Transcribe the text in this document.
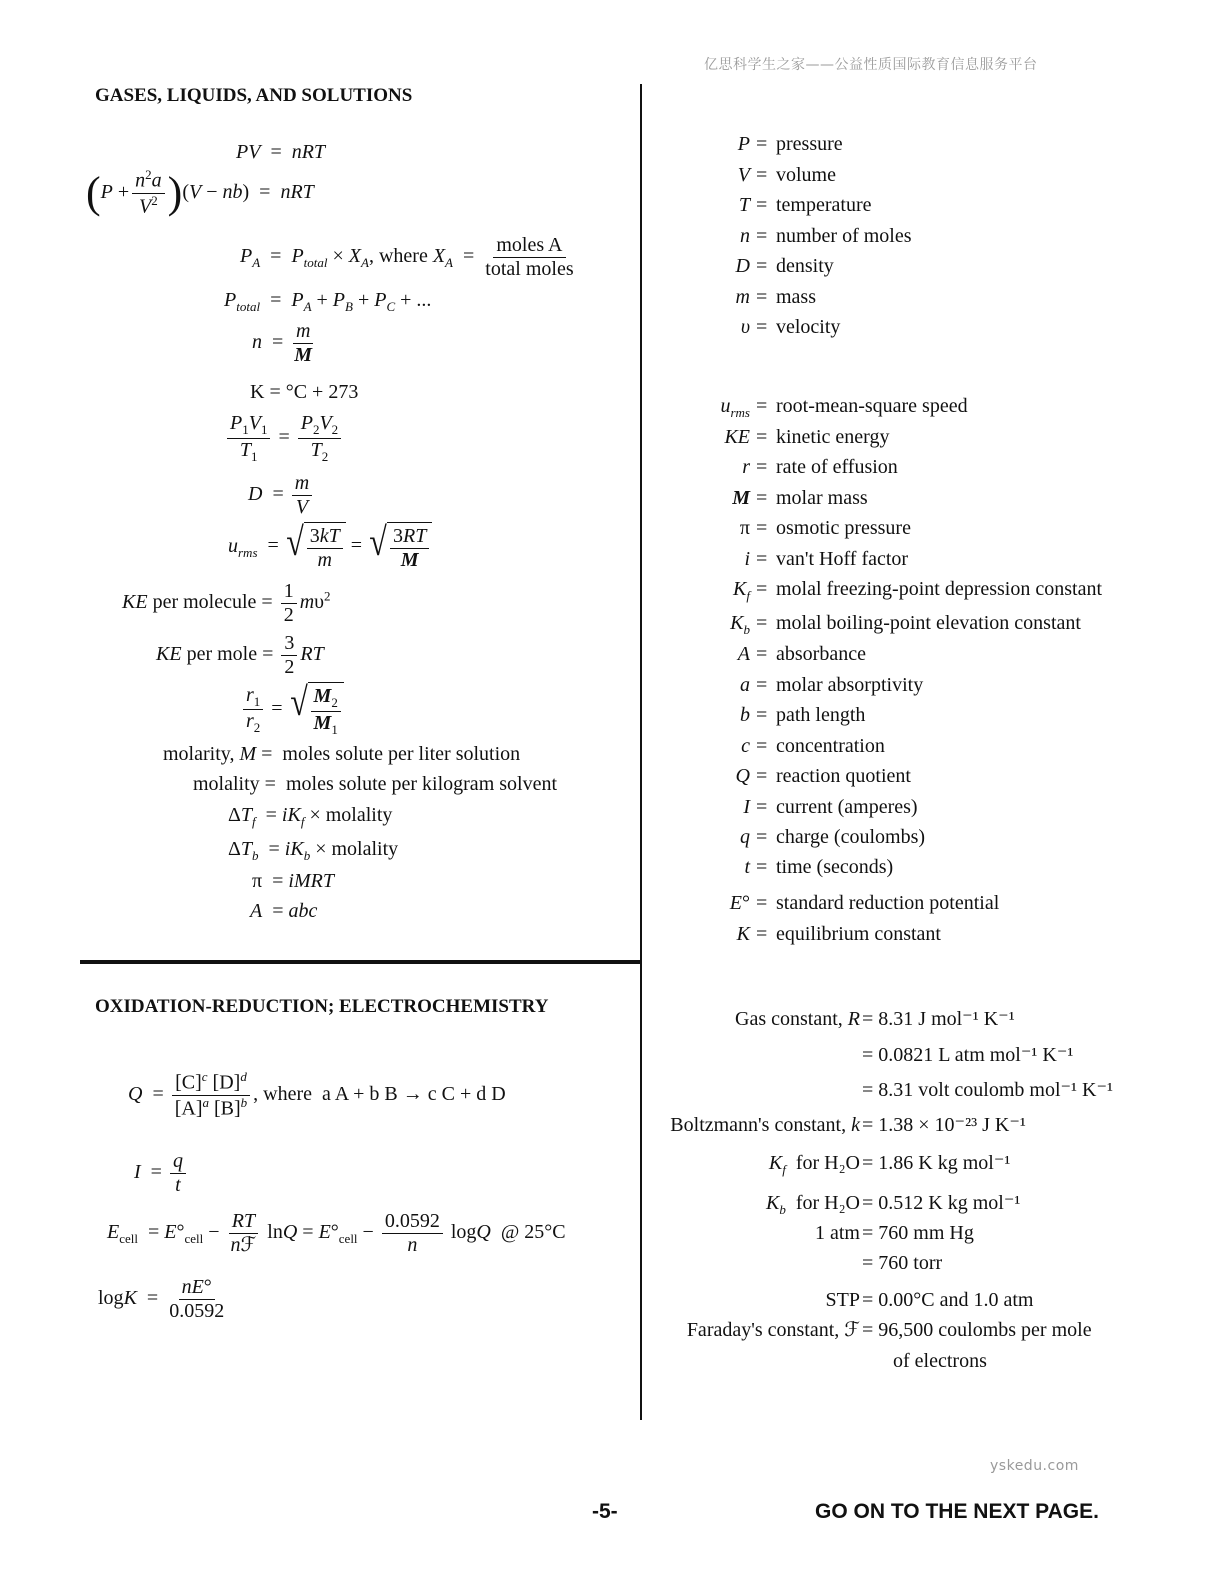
亿思科学生之家——公益性质国际教育信息服务平台
GASES, LIQUIDS, AND SOLUTIONS
OXIDATION-REDUCTION; ELECTROCHEMISTRY
PV  =  nRT
$(P + \frac{n^2a}{V^2} )(V - nb)$  =  nRT
$P_A = P_{total} \times X_A$, where $X_A = \frac{\text{moles A}}{\text{total moles}}$
$P_{total} = P_A + P_B + P_C$ + ...
$n = \frac{m}{M}$
K = °C + 273
$\frac{P_1V_1}{T_1} = \frac{P_2V_2}{T_2}$
$D = \frac{m}{V}$
$u_{rms}$  = √ $\frac{3kT}{m}$ = √ $\frac{3RT}{M}$
KE per molecule = $\frac{1}{2} m\upsilon^2$
KE per mole = $\frac{3}{2}$ RT
$\frac{r_1}{r_2}$ = √ $\frac{M_2}{M_1}$
molarity, M =  moles solute per liter solution
molality =  moles solute per kilogram solvent
$\Delta T_f = iK_f$ × molality
$\Delta T_b = iK_b$ × molality
π  = iMRT
A  = abc
$Q = \frac{[C]^c [D]^d}{[A]^a [B]^b}$ , where a A + b B → c C + d D
$I = \frac{q}{t}$
$E_{cell} = E^\circ_{cell} - \frac{RT}{\text{nℱ}}$ $\ln Q = E^\circ_{cell} - \frac{0.0592}{n}$ logQ @ 25°C
$\log K = \frac{nE^\circ}{0.0592}$
P = pressure
V = volume
T = temperature
n = number of moles
D = density
m = mass
υ = velocity
$u_{rms}$ = root-mean-square speed
KE = kinetic energy
r = rate of effusion
M = molar mass
π = osmotic pressure
i = van't Hoff factor
$K_f$ = molal freezing-point depression constant
$K_b$ = molal boiling-point elevation constant
A = absorbance
a = molar absorptivity
b = path length
c = concentration
Q = reaction quotient
I = current (amperes)
q = charge (coulombs)
t = time (seconds)
E° = standard reduction potential
K = equilibrium constant
Gas constant, R = 8.31 J mol⁻¹ K⁻¹
= 0.0821 L atm mol⁻¹ K⁻¹
= 8.31 volt coulomb mol⁻¹ K⁻¹
Boltzmann's constant, k = 1.38 × 10⁻²³ J K⁻¹
$K_f$ for H₂O = 1.86 K kg mol⁻¹
$K_b$ for H₂O = 0.512 K kg mol⁻¹
1 atm = 760 mm Hg
= 760 torr
STP = 0.00°C and 1.0 atm
Faraday's constant, ℱ = 96,500 coulombs per mole
of electrons
yskedu.com
-5-	GO ON TO THE NEXT PAGE.
